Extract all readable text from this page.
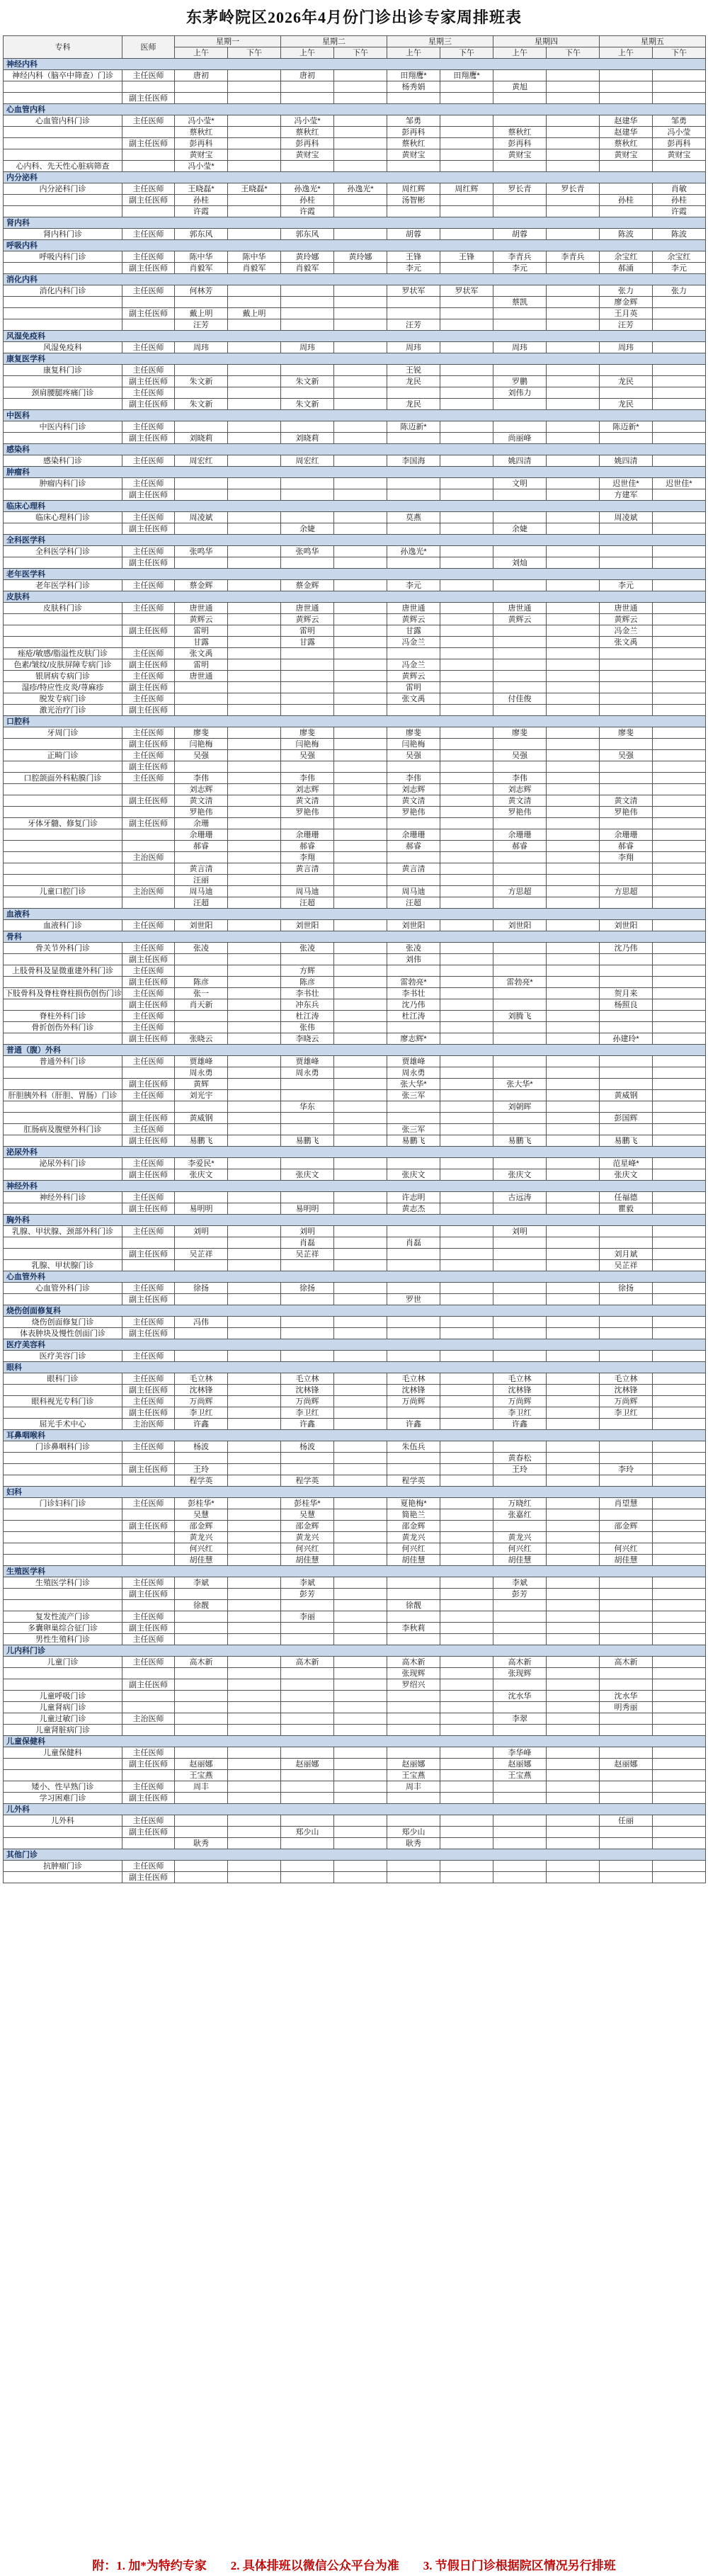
东茅岭院区2026年4月份门诊出诊专家周排班表
专科	医师	星期一		星期二		星期三		星期四		星期五	
		上午	下午	上午	下午	上午	下午	上午	下午	上午	下午
神经内科											
神经内科（脑卒中筛查）门诊	主任医师	唐初		唐初		田翔鹰*	田翔鹰*				
						杨秀娟		黄旭			
	副主任医师										
心血管内科											
心血管内科门诊	主任医师	冯小莹*		冯小莹*		邹勇				赵建华	邹勇
		蔡秋红		蔡秋红		彭再科		蔡秋红		赵建华	冯小莹
	副主任医师	彭再科		彭再科		蔡秋红		彭再科		蔡秋红	彭再科
		黄财宝		黄财宝		黄财宝		黄财宝		黄财宝	黄财宝
心内科、先天性心脏病筛查		冯小莹*									
内分泌科											
内分泌科门诊	主任医师	王晓磊*	王晓磊*	孙逸光*	孙逸光*	周红辉	周红辉	罗长青	罗长青		肖敏
	副主任医师	孙桂		孙桂		汤智彬				孙桂	孙桂
		许霞		许霞							许霞
肾内科											
肾内科门诊	主任医师	郭东风		郭东风		胡蓉		胡蓉		陈波	陈波
呼吸内科											
呼吸内科门诊	主任医师	陈中华	陈中华	黄玲娜	黄玲娜	王锋	王锋	李青兵	李青兵	余宝红	余宝红
	副主任医师	肖毅军	肖毅军	肖毅军		李元		李元		郝涌	李元
消化内科											
消化内科门诊	主任医师	何林芳				罗状军	罗状军			张力	张力
								蔡凯		廖金辉	
	副主任医师	戴上明	戴上明							王月英	
		汪芳				汪芳				汪芳	
风湿免疫科											
风湿免疫科	主任医师	周玮		周玮		周玮		周玮		周玮	
康复医学科											
康复科门诊	主任医师					王锐					
	副主任医师	朱文新		朱文新		龙民		罗鹏		龙民	
颈肩腰腿疼痛门诊	主任医师							刘伟力			
	副主任医师	朱文新		朱文新		龙民				龙民	
中医科											
中医内科门诊	主任医师					陈迈新*				陈迈新*	
	副主任医师	刘晓莉		刘晓莉				尚丽峰			
感染科											
感染科门诊	主任医师	周宏红		周宏红		李国海		姚四清		姚四清	
肿瘤科											
肿瘤内科门诊	主任医师							文明		迟世佳*	迟世佳*
	副主任医师									方建军	
临床心理科											
临床心理科门诊	主任医师	周凌斌				莫燕				周凌斌	
	副主任医师			余婕				余婕			
全科医学科											
全科医学科门诊	主任医师	张鸣华		张鸣华		孙逸光*					
	副主任医师							刘灿			
老年医学科											
老年医学科门诊	主任医师	蔡金辉		蔡金辉		李元				李元	
皮肤科											
皮肤科门诊	主任医师	唐世通		唐世通		唐世通		唐世通		唐世通	
		黄辉云		黄辉云		黄辉云		黄辉云		黄辉云	
	副主任医师	雷明		雷明		甘露				冯金兰	
		甘露		甘露		冯金兰				张文禹	
痤疮/敏感/脂溢性皮肤门诊	主任医师	张文禹									
色素/皱纹/皮肤屏障专病门诊	副主任医师	雷明				冯金兰					
银屑病专病门诊	主任医师	唐世通				黄辉云					
湿疹/特应性皮炎/荨麻疹	副主任医师					雷明					
脱发专病门诊	主任医师					张文禹		付佳俊			
激光治疗门诊	副主任医师										
口腔科											
牙周门诊	主任医师	廖斐		廖斐		廖斐		廖斐		廖斐	
	副主任医师	闫艳梅		闫艳梅		闫艳梅					
正畸门诊	主任医师	吴强		吴强		吴强		吴强		吴强	
	副主任医师										
口腔颌面外科粘膜门诊	主任医师	李伟		李伟		李伟		李伟			
		刘志辉		刘志辉		刘志辉		刘志辉			
	副主任医师	黄文清		黄文清		黄文清		黄文清		黄文清	
		罗艳伟		罗艳伟		罗艳伟		罗艳伟		罗艳伟	
牙体牙髓、修复门诊	副主任医师	余珊									
		余珊珊		余珊珊		余珊珊		余珊珊		余珊珊	
		郝睿		郝睿		郝睿		郝睿		郝睿	
	主治医师			李翔						李翔	
		黄言清		黄言清		黄言清					
		汪丽									
儿童口腔门诊	主治医师	周马迪		周马迪		周马迪		方思超		方思超	
		汪超		汪超		汪超					
血液科											
血液科门诊	主任医师	刘世阳		刘世阳		刘世阳		刘世阳		刘世阳	
骨科											
骨关节外科门诊	主任医师	张凌		张凌		张凌				沈乃伟	
	副主任医师					刘伟					
上肢骨科及显微重建外科门诊	主任医师			方辉							
	副主任医师	陈彦		陈彦		雷勃亮*		雷勃亮*			
下肢骨科及脊柱脊柱损伤创伤门诊	主任医师	张一		李书壮		李书壮				贺月来	
	副主任医师	肖天新		冲东兵		沈乃伟				杨照良	
脊柱外科门诊	主任医师			杜江涛		杜江涛		刘腾飞			
骨折创伤外科门诊	主任医师			张伟							
	副主任医师	张晓云		李晓云		廖志辉*				孙建玲*	
普通（腹）外科											
普通外科门诊	主任医师	贾雄峰		贾雄峰		贾雄峰					
		周永勇		周永勇		周永勇					
	副主任医师	黄辉				张大华*		张大华*			
肝胆胰外科（肝胆、胃肠）门诊	主任医师	刘光宇				张三军				黄威钢	
				华东				刘朝晖			
	副主任医师	黄威钢								彭国辉	
肛肠病及腹壁外科门诊	主任医师					张三军					
	副主任医师	易鹏飞		易鹏飞		易鹏飞		易鹏飞		易鹏飞	
泌尿外科											
泌尿外科门诊	主任医师	李爱民*								范星峰*	
	副主任医师	张庆文		张庆文		张庆文		张庆文		张庆文	
神经外科											
神经外科门诊	主任医师					许志明		古远涛		任福德	
	副主任医师	易明明		易明明		黄志杰				瞿毅	
胸外科											
乳腺、甲状腺、颈部外科门诊	主任医师	刘明		刘明				刘明			
				肖磊		肖磊					
	副主任医师	吴芷祥		吴芷祥						刘月斌	
乳腺、甲状腺门诊										吴芷祥	
心血管外科											
心血管外科门诊	主任医师	徐扬		徐扬						徐扬	
	副主任医师					罗世					
烧伤创面修复科											
烧伤创面修复门诊	主任医师	冯伟									
体表肿块及慢性创面门诊	副主任医师										
医疗美容科											
医疗美容门诊	主任医师										
眼科											
眼科门诊	主任医师	毛立林		毛立林		毛立林		毛立林		毛立林	
	副主任医师	沈林锋		沈林锋		沈林锋		沈林锋		沈林锋	
眼科视光专科门诊	主任医师	万尚辉		万尚辉		万尚辉		万尚辉		万尚辉	
	副主任医师	李卫红		李卫红				李卫红		李卫红	
屈光手术中心	主治医师	许鑫		许鑫		许鑫		许鑫			
耳鼻咽喉科											
门诊鼻咽科门诊	主任医师	杨波		杨波		朱伍兵					
								黄春松			
	副主任医师	王玲						王玲		李玲	
		程学英		程学英		程学英					
妇科											
门诊妇科门诊	主任医师	彭桂华*		彭桂华*		夏艳梅*		万晓红		肖望慧	
		吴慧		吴慧		简艳兰		张嘉红			
	副主任医师	邵金辉		邵金辉		邵金辉				邵金辉	
		黄龙兴		黄龙兴		黄龙兴		黄龙兴			
		何兴红		何兴红		何兴红		何兴红		何兴红	
		胡佳慧		胡佳慧		胡佳慧		胡佳慧		胡佳慧	
生殖医学科											
生殖医学科门诊	主任医师	李斌		李斌				李斌			
	副主任医师			彭芳				彭芳			
		徐靓				徐靓					
复发性流产门诊	主任医师			李丽							
多囊卵巢综合征门诊	副主任医师					李秋莉					
男性生殖科门诊	主任医师										
儿内科门诊											
儿童门诊	主任医师	高木新		高木新		高木新		高木新		高木新	
						张现辉		张现辉			
	副主任医师					罗绍兴					
儿童呼吸门诊								沈水华		沈水华	
儿童肾病门诊										明秀丽	
儿童过敏门诊	主治医师							李翠			
儿童肾脏病门诊											
儿童保健科											
儿童保健科	主任医师							李华峰			
	副主任医师	赵丽娜		赵丽娜		赵丽娜		赵丽娜		赵丽娜	
		王宝燕				王宝燕		王宝燕			
矮小、性早熟门诊	主任医师	周丰				周丰					
学习困难门诊	副主任医师										
儿外科											
儿外科	主任医师									任丽	
	副主任医师			郑少山		郑少山					
		耿秀				耿秀					
其他门诊											
抗肿瘤门诊	主任医师										
	副主任医师										
附：1. 加*为特约专家　　2. 具体排班以微信公众平台为准　　3. 节假日门诊根据院区情况另行排班
